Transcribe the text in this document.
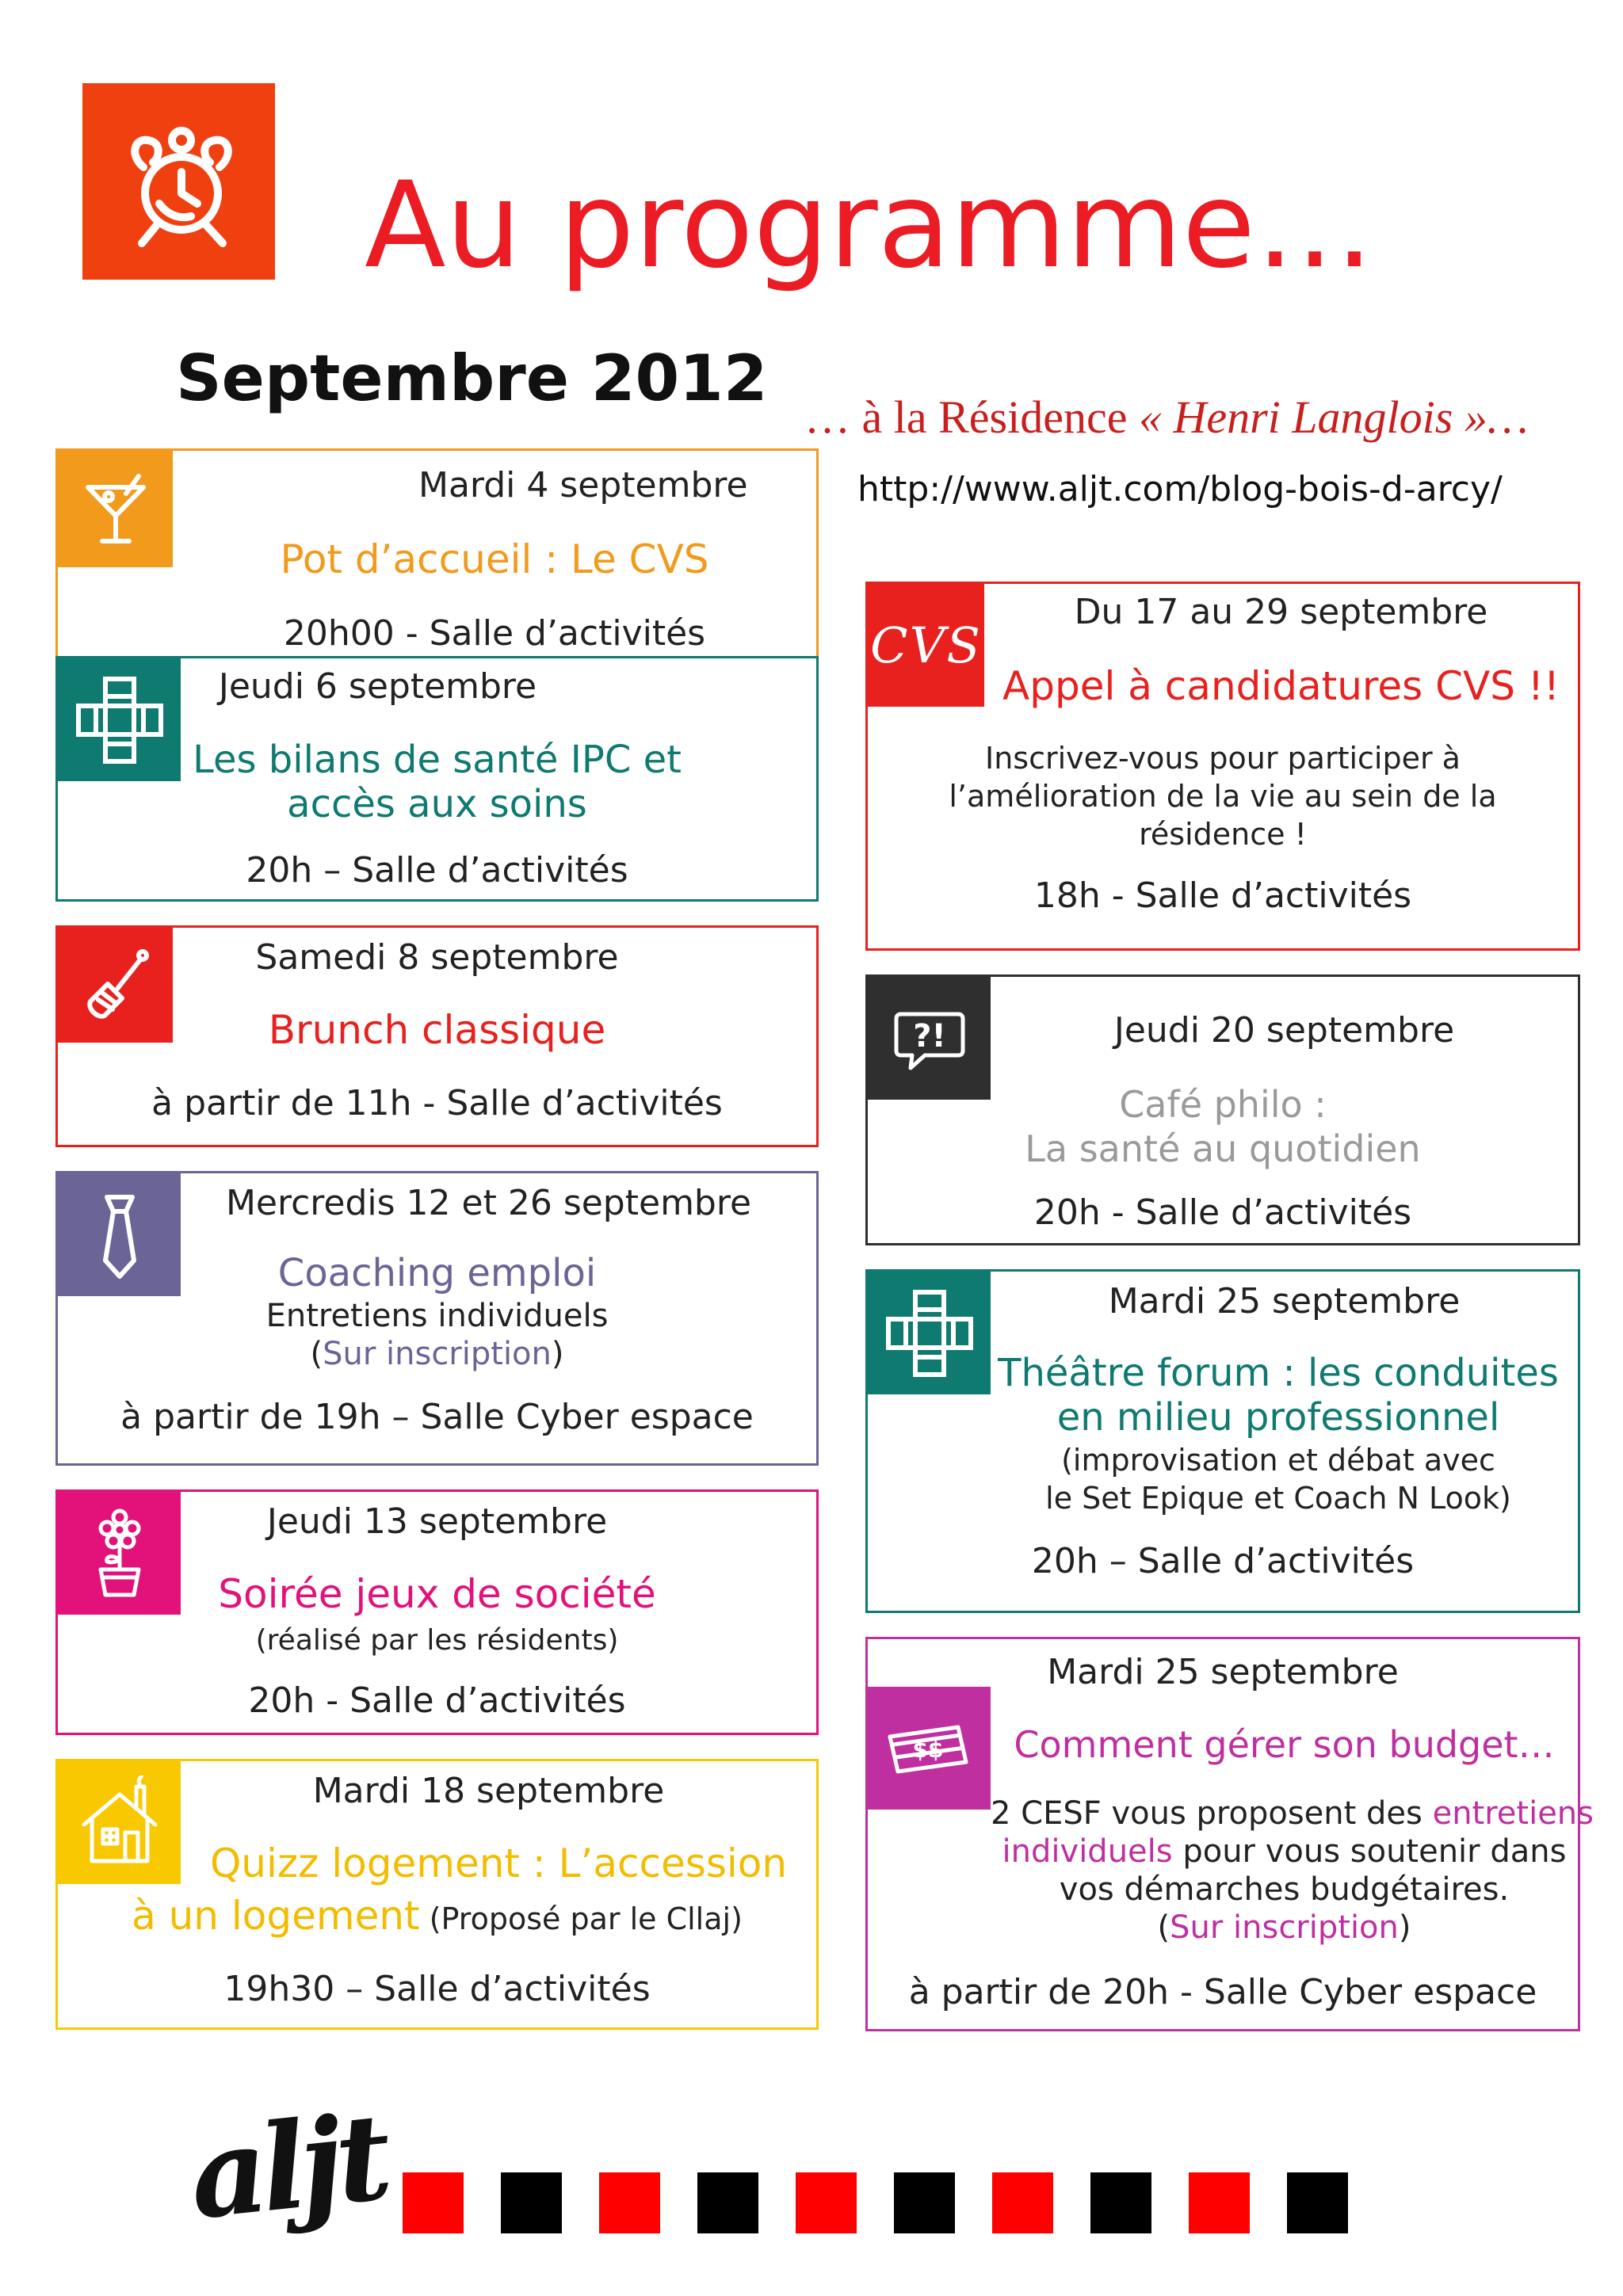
Au programme…
Septembre 2012
… à la Résidence « Henri Langlois »…
http://www.aljt.com/blog-bois-d-arcy/
Mardi 4 septembre
Pot d’accueil : Le CVS
20h00 - Salle d’activités
Jeudi 6 septembre
Les bilans de santé IPC et
accès aux soins
20h – Salle d’activités
Samedi 8 septembre
Brunch classique
à partir de 11h - Salle d’activités
Mercredis 12 et 26 septembre
Coaching emploi
Entretiens individuels
(Sur inscription)
à partir de 19h – Salle Cyber espace
Jeudi 13 septembre
Soirée jeux de société
(réalisé par les résidents)
20h - Salle d’activités
Mardi 18 septembre
Quizz logement : L’accession
à un logement (Proposé par le Cllaj)
19h30 – Salle d’activités
CVS
Du 17 au 29 septembre
Appel à candidatures CVS !!
Inscrivez-vous pour participer à
l’amélioration de la vie au sein de la
résidence !
18h - Salle d’activités
?!	Jeudi 20 septembre
Café philo :
La santé au quotidien
20h - Salle d’activités
Mardi 25 septembre
Théâtre forum : les conduites
en milieu professionnel
(improvisation et débat avec
le Set Epique et Coach N Look)
20h – Salle d’activités
$$
Mardi 25 septembre
Comment gérer son budget…
2 CESF vous proposent des entretiens
individuels pour vous soutenir dans
vos démarches budgétaires.
(Sur inscription)
à partir de 20h - Salle Cyber espace
aljt
